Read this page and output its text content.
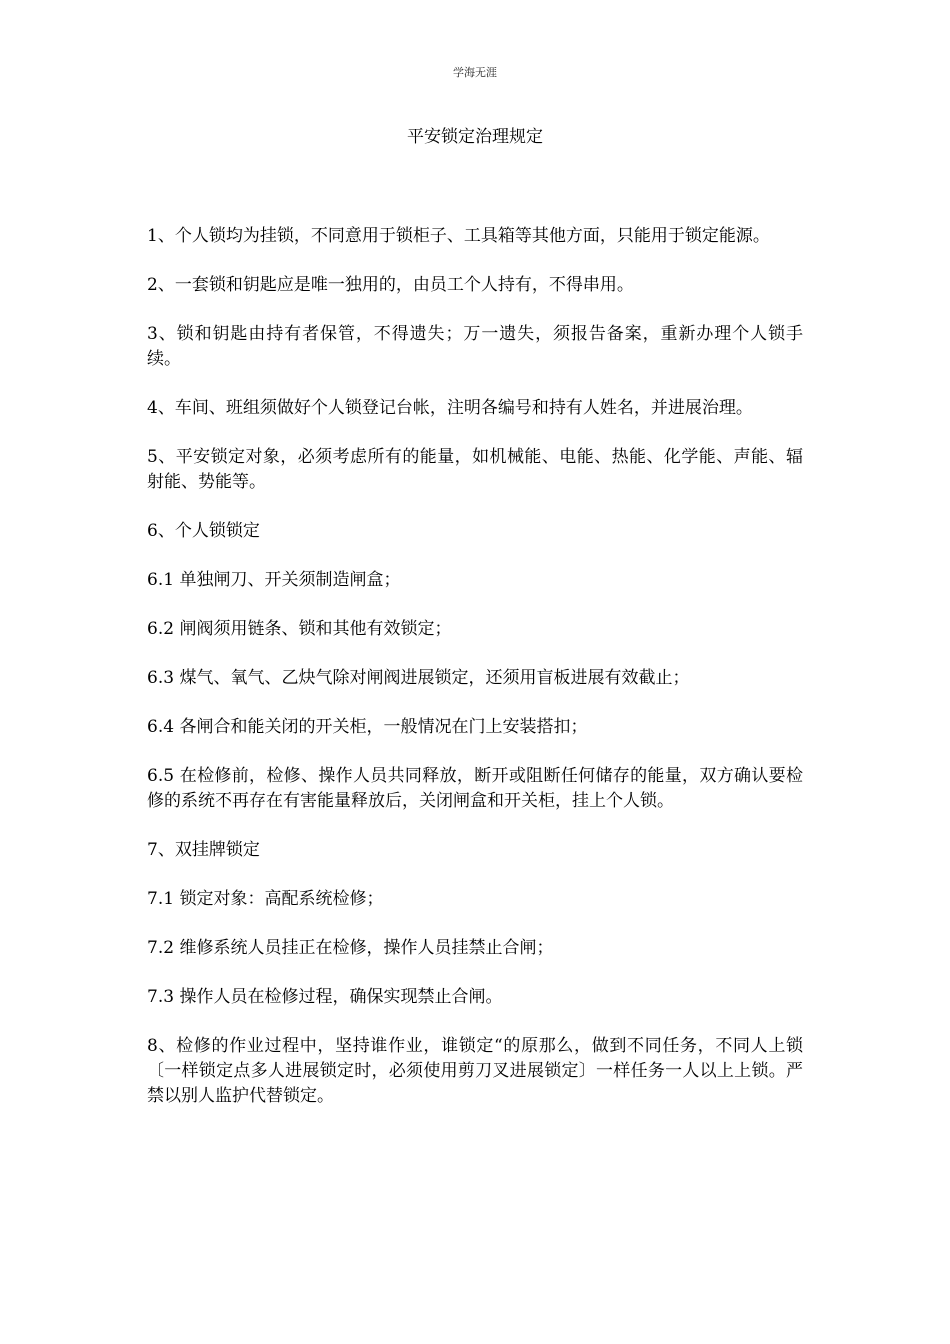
学海无涯
平安锁定治理规定

1、个人锁均为挂锁，不同意用于锁柜子、工具箱等其他方面，只能用于锁定能源。

2、一套锁和钥匙应是唯一独用的，由员工个人持有，不得串用。

3、锁和钥匙由持有者保管，不得遗失；万一遗失，须报告备案，重新办理个人锁手续。

4、车间、班组须做好个人锁登记台帐，注明各编号和持有人姓名，并进展治理。

5、平安锁定对象，必须考虑所有的能量，如机械能、电能、热能、化学能、声能、辐射能、势能等。

6、个人锁锁定

6.1 单独闸刀、开关须制造闸盒；

6.2 闸阀须用链条、锁和其他有效锁定；

6.3 煤气、氧气、乙炔气除对闸阀进展锁定，还须用盲板进展有效截止；

6.4 各闸合和能关闭的开关柜，一般情况在门上安装搭扣；

6.5 在检修前，检修、操作人员共同释放，断开或阻断任何储存的能量，双方确认要检修的系统不再存在有害能量释放后，关闭闸盒和开关柜，挂上个人锁。

7、双挂牌锁定

7.1 锁定对象：高配系统检修；

7.2 维修系统人员挂正在检修，操作人员挂禁止合闸；

7.3 操作人员在检修过程，确保实现禁止合闸。

8、检修的作业过程中，坚持谁作业，谁锁定“的原那么，做到不同任务，不同人上锁〔一样锁定点多人进展锁定时，必须使用剪刀叉进展锁定〕一样任务一人以上上锁。严禁以别人监护代替锁定。
